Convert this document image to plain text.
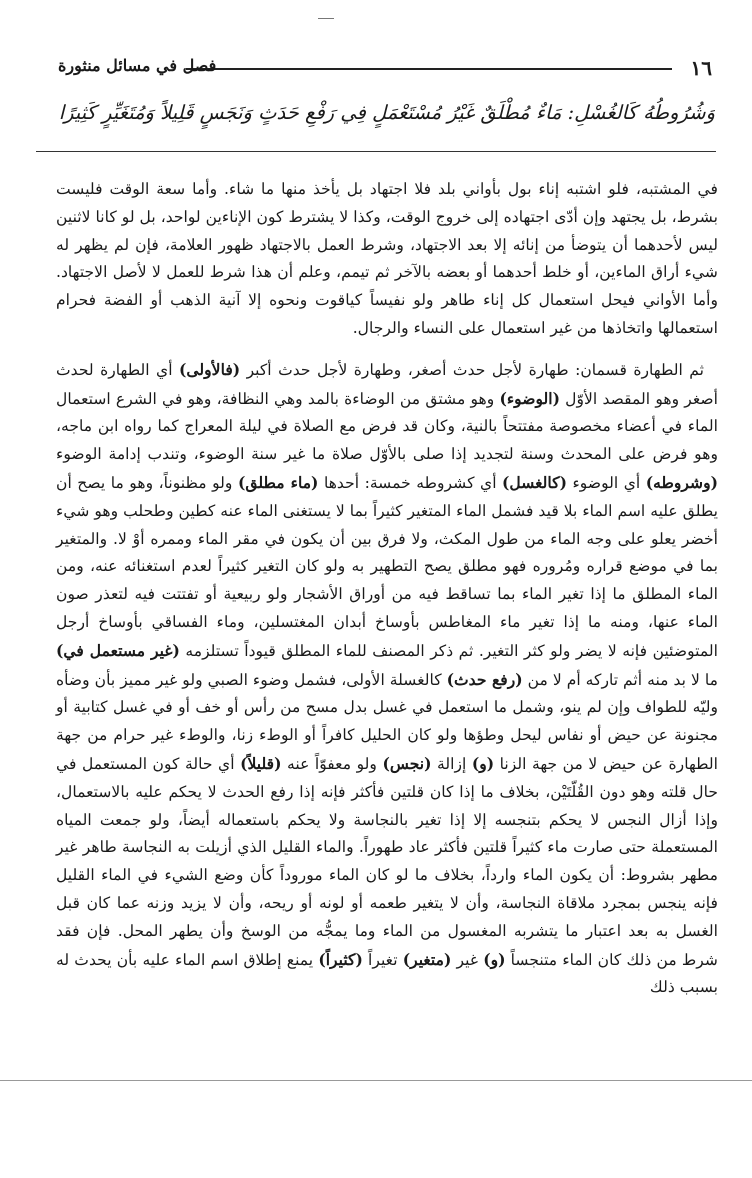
١٦
فصل في مسائل منثورة
وَشُرُوطُهُ كَالغُسْلِ: مَاءٌ مُطْلَقٌ غَيْرُ مُسْتَعْمَلٍ فِي رَفْعِ حَدَثٍ وَنَجَسٍ قَلِيلاً وَمُتَغَيِّرٍ كَثِيرًا

في المشتبه، فلو اشتبه إناء بول بأواني بلد فلا اجتهاد بل يأخذ منها ما شاء. وأما سعة الوقت فليست بشرط، بل يجتهد وإن أدّى اجتهاده إلى خروج الوقت، وكذا لا يشترط كون الإناءين لواحد، بل لو كانا لاثنين ليس لأحدهما أن يتوضأ من إنائه إلا بعد الاجتهاد، وشرط العمل بالاجتهاد ظهور العلامة، فإن لم يظهر له شيء أراق الماءين، أو خلط أحدهما أو بعضه بالآخر ثم تيمم، وعلم أن هذا شرط للعمل لا لأصل الاجتهاد. وأما الأواني فيحل استعمال كل إناء طاهر ولو نفيساً كياقوت ونحوه إلا آنية الذهب أو الفضة فحرام استعمالها واتخاذها من غير استعمال على النساء والرجال.

ثم الطهارة قسمان: طهارة لأجل حدث أصغر، وطهارة لأجل حدث أكبر (فالأولى) أي الطهارة لحدث أصغر وهو المقصد الأوّل (الوضوء) وهو مشتق من الوضاءة بالمد وهي النظافة، وهو في الشرع استعمال الماء في أعضاء مخصوصة مفتتحاً بالنية، وكان قد فرض مع الصلاة في ليلة المعراج كما رواه ابن ماجه، وهو فرض على المحدث وسنة لتجديد إذا صلى بالأوّل صلاة ما غير سنة الوضوء، وتندب إدامة الوضوء (وشروطه) أي الوضوء (كالغسل) أي كشروطه خمسة: أحدها (ماء مطلق) ولو مظنوناً، وهو ما يصح أن يطلق عليه اسم الماء بلا قيد فشمل الماء المتغير كثيراً بما لا يستغنى الماء عنه كطين وطحلب وهو شيء أخضر يعلو على وجه الماء من طول المكث، ولا فرق بين أن يكون في مقر الماء وممره أوْ لا. والمتغير بما في موضع قراره ومُروره فهو مطلق يصح التطهير به ولو كان التغير كثيراً لعدم استغنائه عنه، ومن الماء المطلق ما إذا تغير الماء بما تساقط فيه من أوراق الأشجار ولو ربيعية أو تفتتت فيه لتعذر صون الماء عنها، ومنه ما إذا تغير ماء المغاطس بأوساخ أبدان المغتسلين، وماء الفساقي بأوساخ أرجل المتوضئين فإنه لا يضر ولو كثر التغير. ثم ذكر المصنف للماء المطلق قيوداً تستلزمه (غير مستعمل في) ما لا بد منه أثم تاركه أم لا من (رفع حدث) كالغسلة الأولى، فشمل وضوء الصبي ولو غير مميز بأن وضأه وليّه للطواف وإن لم ينو، وشمل ما استعمل في غسل بدل مسح من رأس أو خف أو في غسل كتابية أو مجنونة عن حيض أو نفاس ليحل وطؤها ولو كان الحليل كافراً أو الوطء زنا، والوطء غير حرام من جهة الطهارة عن حيض لا من جهة الزنا (و) إزالة (نجس) ولو معفوّاً عنه (قليلاً) أي حالة كون المستعمل في حال قلته وهو دون القُلّتَيْن، بخلاف ما إذا كان قلتين فأكثر فإنه إذا رفع الحدث لا يحكم عليه بالاستعمال، وإذا أزال النجس لا يحكم بتنجسه إلا إذا تغير بالنجاسة ولا يحكم باستعماله أيضاً، ولو جمعت المياه المستعملة حتى صارت ماء كثيراً قلتين فأكثر عاد طهوراً. والماء القليل الذي أزيلت به النجاسة طاهر غير مطهر بشروط: أن يكون الماء وارداً، بخلاف ما لو كان الماء موروداً كأن وضع الشيء في الماء القليل فإنه ينجس بمجرد ملاقاة النجاسة، وأن لا يتغير طعمه أو لونه أو ريحه، وأن لا يزيد وزنه عما كان قبل الغسل به بعد اعتبار ما يتشربه المغسول من الماء وما يمجُّه من الوسخ وأن يطهر المحل. فإن فقد شرط من ذلك كان الماء متنجساً (و) غير (متغير) تغيراً (كثيراً) يمنع إطلاق اسم الماء عليه بأن يحدث له بسبب ذلك
